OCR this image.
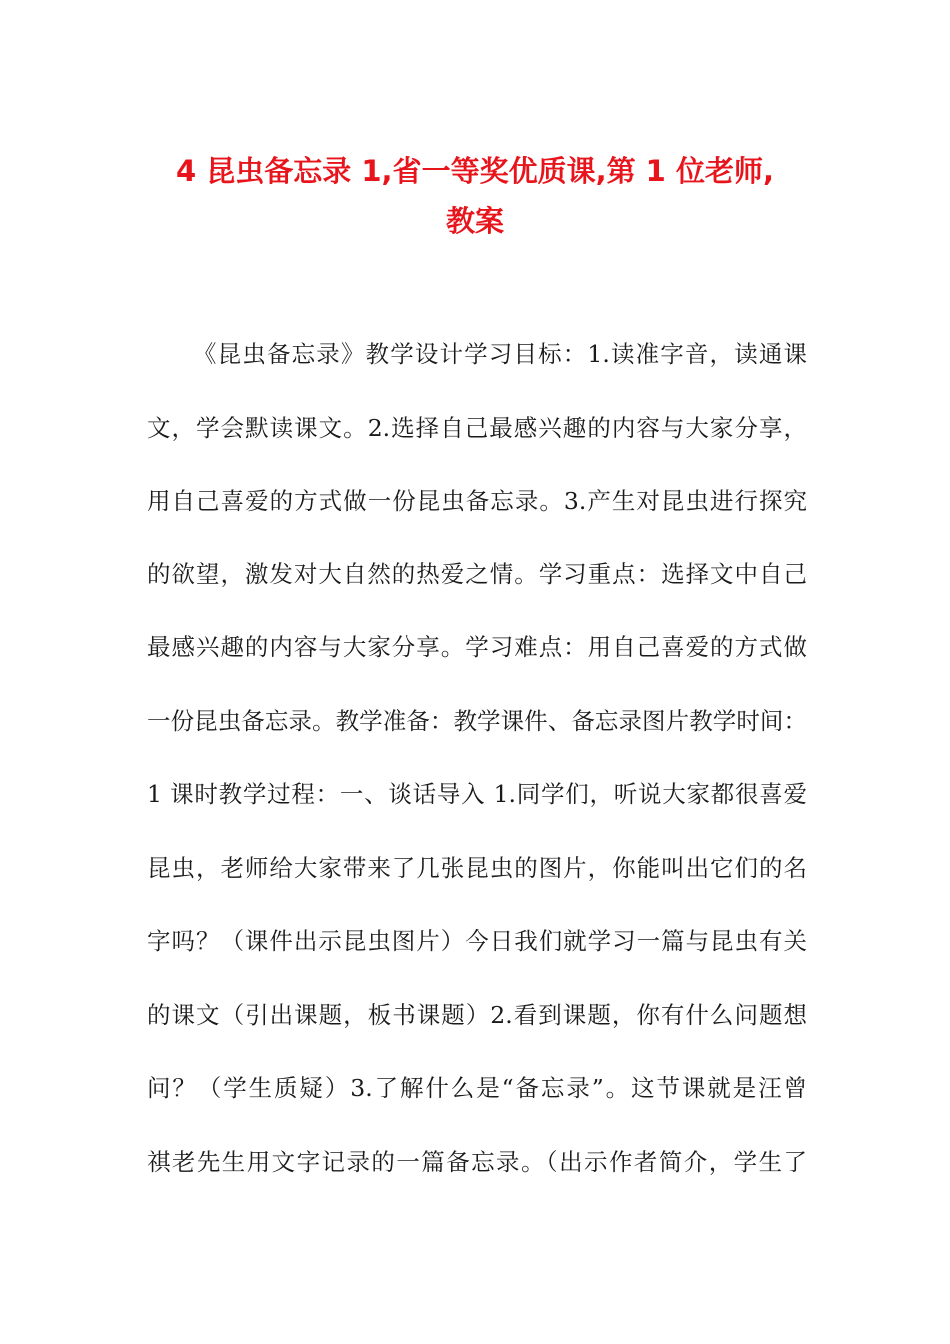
4 昆虫备忘录 1,省一等奖优质课,第 1 位老师,
教案
《昆虫备忘录》教学设计学习目标：1.读准字音，读通课
文，学会默读课文。2.选择自己最感兴趣的内容与大家分享，
用自己喜爱的方式做一份昆虫备忘录。3.产生对昆虫进行探究
的欲望，激发对大自然的热爱之情。学习重点：选择文中自己
最感兴趣的内容与大家分享。学习难点：用自己喜爱的方式做
一份昆虫备忘录。教学准备：教学课件、备忘录图片教学时间：
1 课时教学过程：一、谈话导入 1.同学们，听说大家都很喜爱
昆虫，老师给大家带来了几张昆虫的图片，你能叫出它们的名
字吗？（课件出示昆虫图片）今日我们就学习一篇与昆虫有关
的课文（引出课题，板书课题）2.看到课题，你有什么问题想
问？（学生质疑）3.了解什么是“备忘录”。这节课就是汪曾
祺老先生用文字记录的一篇备忘录。（出示作者简介，学生了
